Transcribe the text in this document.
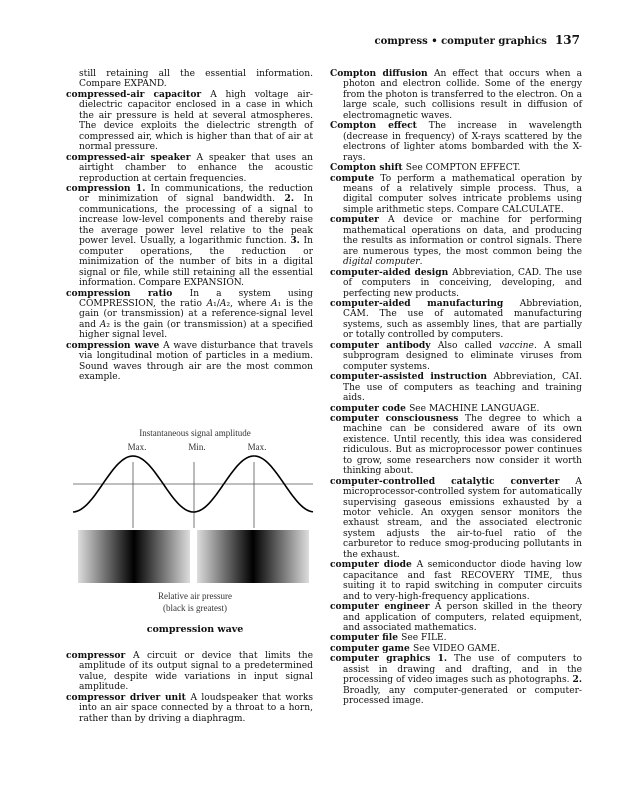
compress • computer graphics 137

still retaining all the essential information. Compare EXPAND.

compressed-air capacitor A high voltage air-dielectric capacitor enclosed in a case in which the air pressure is held at several atmospheres. The device exploits the dielectric strength of compressed air, which is higher than that of air at normal pressure.

compressed-air speaker A speaker that uses an airtight chamber to enhance the acoustic reproduction at certain frequencies.

compression 1. In communications, the reduction or minimization of signal bandwidth. 2. In communications, the processing of a signal to increase low-level components and thereby raise the average power level relative to the peak power level. Usually, a logarithmic function. 3. In computer operations, the reduction or minimization of the number of bits in a digital signal or file, while still retaining all the essential information. Compare EXPANSION.

compression ratio In a system using COMPRESSION, the ratio A₁/A₂, where A₁ is the gain (or transmission) at a reference-signal level and A₂ is the gain (or transmission) at a specified higher signal level.

compression wave A wave disturbance that travels via longitudinal motion of particles in a medium. Sound waves through air are the most common example.

Instantaneous signal amplitude
Max.	Min.	Max.
Relative air pressure
(black is greatest)
compression wave

compressor A circuit or device that limits the amplitude of its output signal to a predetermined value, despite wide variations in input signal amplitude.

compressor driver unit A loudspeaker that works into an air space connected by a throat to a horn, rather than by driving a diaphragm.

Compton diffusion An effect that occurs when a photon and electron collide. Some of the energy from the photon is transferred to the electron. On a large scale, such collisions result in diffusion of electromagnetic waves.

Compton effect The increase in wavelength (decrease in frequency) of X-rays scattered by the electrons of lighter atoms bombarded with the X-rays.

Compton shift See COMPTON EFFECT.

compute To perform a mathematical operation by means of a relatively simple process. Thus, a digital computer solves intricate problems using simple arithmetic steps. Compare CALCULATE.

computer A device or machine for performing mathematical operations on data, and producing the results as information or control signals. There are numerous types, the most common being the digital computer.

computer-aided design Abbreviation, CAD. The use of computers in conceiving, developing, and perfecting new products.

computer-aided manufacturing Abbreviation, CAM. The use of automated manufacturing systems, such as assembly lines, that are partially or totally controlled by computers.

computer antibody Also called vaccine. A small subprogram designed to eliminate viruses from computer systems.

computer-assisted instruction Abbreviation, CAI. The use of computers as teaching and training aids.

computer code See MACHINE LANGUAGE.

computer consciousness The degree to which a machine can be considered aware of its own existence. Until recently, this idea was considered ridiculous. But as microprocessor power continues to grow, some researchers now consider it worth thinking about.

computer-controlled catalytic converter A microprocessor-controlled system for automatically supervising gaseous emissions exhausted by a motor vehicle. An oxygen sensor monitors the exhaust stream, and the associated electronic system adjusts the air-to-fuel ratio of the carburetor to reduce smog-producing pollutants in the exhaust.

computer diode A semiconductor diode having low capacitance and fast RECOVERY TIME, thus suiting it to rapid switching in computer circuits and to very-high-frequency applications.

computer engineer A person skilled in the theory and application of computers, related equipment, and associated mathematics.

computer file See FILE.

computer game See VIDEO GAME.

computer graphics 1. The use of computers to assist in drawing and drafting, and in the processing of video images such as photographs. 2. Broadly, any computer-generated or computer-processed image.
